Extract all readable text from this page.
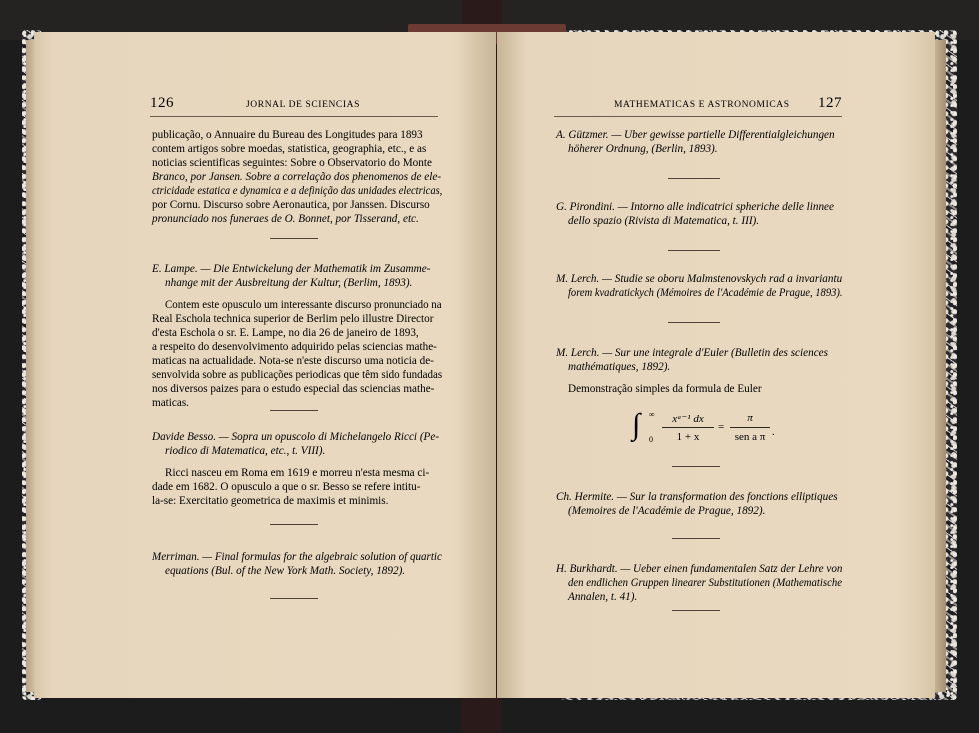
126	JORNAL DE SCIENCIAS
publicação, o Annuaire du Bureau des Longitudes para 1893
contem artigos sobre moedas, statistica, geographia, etc., e as
noticias scientificas seguintes: Sobre o Observatorio do Monte
Branco, por Jansen. Sobre a correlação dos phenomenos de ele-
ctricidade estatica e dynamica e a definição das unidades electricas,
por Cornu. Discurso sobre Aeronautica, por Janssen. Discurso
pronunciado nos funeraes de O. Bonnet, por Tisserand, etc.
E. Lampe. — Die Entwickelung der Mathematik im Zusamme-
nhange mit der Ausbreitung der Kultur, (Berlim, 1893).
Contem este opusculo um interessante discurso pronunciado na
Real Eschola technica superior de Berlim pelo illustre Director
d'esta Eschola o sr. E. Lampe, no dia 26 de janeiro de 1893,
a respeito do desenvolvimento adquirido pelas sciencias mathe-
maticas na actualidade. Nota-se n'este discurso uma noticia de-
senvolvida sobre as publicações periodicas que têm sido fundadas
nos diversos paizes para o estudo especial das sciencias mathe-
maticas.
Davide Besso. — Sopra un opuscolo di Michelangelo Ricci (Pe-
riodico di Matematica, etc., t. VIII).
Ricci nasceu em Roma em 1619 e morreu n'esta mesma ci-
dade em 1682. O opusculo a que o sr. Besso se refere intitu-
la-se: Exercitatio geometrica de maximis et minimis.
Merriman. — Final formulas for the algebraic solution of quartic
equations (Bul. of the New York Math. Society, 1892).
MATHEMATICAS E ASTRONOMICAS 127
A. Gützmer. — Uber gewisse partielle Differentialgleichungen
höherer Ordnung, (Berlin, 1893).
G. Pirondini. — Intorno alle indicatrici spheriche delle linnee
dello spazio (Rivista di Matematica, t. III).
M. Lerch. — Studie se oboru Malmstenovskych rad a invariantu
forem kvadratickych (Mémoires de l'Académie de Prague, 1893).
M. Lerch. — Sur une integrale d'Euler (Bulletin des sciences
mathématiques, 1892).
Demonstração simples da formula de Euler
∫ ∞
0
xᵃ⁻¹ dx
1 + x
=
π
sen a π .
Ch. Hermite. — Sur la transformation des fonctions elliptiques
(Memoires de l'Académie de Prague, 1892).
H. Burkhardt. — Ueber einen fundamentalen Satz der Lehre von
den endlichen Gruppen linearer Substitutionen (Mathematische
Annalen, t. 41).
